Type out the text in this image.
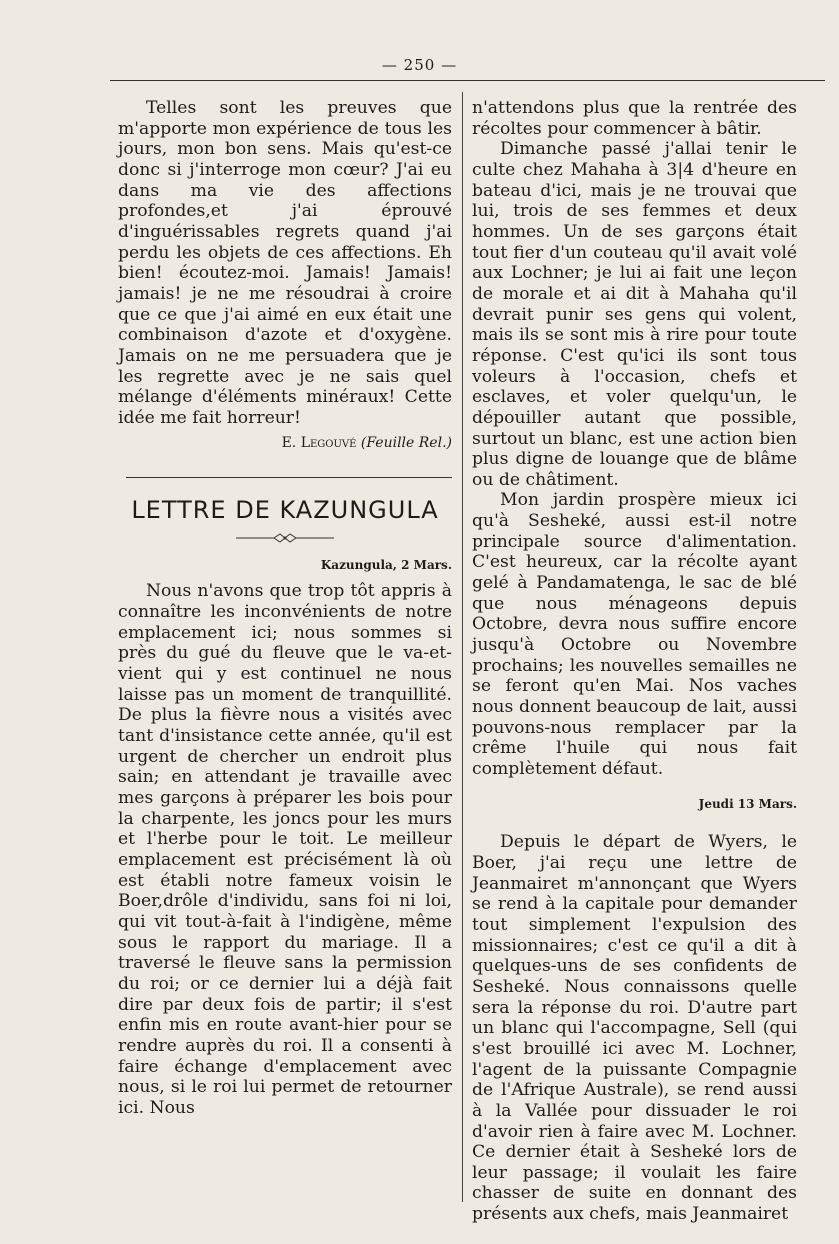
— 250 —

Telles sont les preuves que m'apporte mon expérience de tous les jours, mon bon sens. Mais qu'est-ce donc si j'interroge mon cœur? J'ai eu dans ma vie des affections profondes,et j'ai éprouvé d'inguérissables regrets quand j'ai perdu les objets de ces affections. Eh bien! écoutez-moi. Jamais! Jamais! jamais! je ne me résoudrai à croire que ce que j'ai aimé en eux était une combinaison d'azote et d'oxygène. Jamais on ne me persuadera que je les regrette avec je ne sais quel mélange d'éléments minéraux! Cette idée me fait horreur!

E. Legouvé (Feuille Rel.)

LETTRE DE KAZUNGULA

Kazungula, 2 Mars.

Nous n'avons que trop tôt appris à connaître les inconvénients de notre emplacement ici; nous sommes si près du gué du fleuve que le va-et-vient qui y est continuel ne nous laisse pas un moment de tranquillité. De plus la fièvre nous a visités avec tant d'insistance cette année, qu'il est urgent de chercher un endroit plus sain; en attendant je travaille avec mes garçons à préparer les bois pour la charpente, les joncs pour les murs et l'herbe pour le toit. Le meilleur emplacement est précisément là où est établi notre fameux voisin le Boer,drôle d'individu, sans foi ni loi, qui vit tout-à-fait à l'indigène, même sous le rapport du mariage. Il a traversé le fleuve sans la permission du roi; or ce dernier lui a déjà fait dire par deux fois de partir; il s'est enfin mis en route avant-hier pour se rendre auprès du roi. Il a consenti à faire échange d'emplacement avec nous, si le roi lui permet de retourner ici. Nous

n'attendons plus que la rentrée des récoltes pour commencer à bâtir.

Dimanche passé j'allai tenir le culte chez Mahaha à 3|4 d'heure en bateau d'ici, mais je ne trouvai que lui, trois de ses femmes et deux hommes. Un de ses garçons était tout fier d'un couteau qu'il avait volé aux Lochner; je lui ai fait une leçon de morale et ai dit à Mahaha qu'il devrait punir ses gens qui volent, mais ils se sont mis à rire pour toute réponse. C'est qu'ici ils sont tous voleurs à l'occasion, chefs et esclaves, et voler quelqu'un, le dépouiller autant que possible, surtout un blanc, est une action bien plus digne de louange que de blâme ou de châtiment.

Mon jardin prospère mieux ici qu'à Sesheké, aussi est-il notre principale source d'alimentation. C'est heureux, car la récolte ayant gelé à Pandamatenga, le sac de blé que nous ménageons depuis Octobre, devra nous suffire encore jusqu'à Octobre ou Novembre prochains; les nouvelles semailles ne se feront qu'en Mai. Nos vaches nous donnent beaucoup de lait, aussi pouvons-nous remplacer par la crême l'huile qui nous fait complètement défaut.

Jeudi 13 Mars.

Depuis le départ de Wyers, le Boer, j'ai reçu une lettre de Jeanmairet m'annonçant que Wyers se rend à la capitale pour demander tout simplement l'expulsion des missionnaires; c'est ce qu'il a dit à quelques-uns de ses confidents de Sesheké. Nous connaissons quelle sera la réponse du roi. D'autre part un blanc qui l'accompagne, Sell (qui s'est brouillé ici avec M. Lochner, l'agent de la puissante Compagnie de l'Afrique Australe), se rend aussi à la Vallée pour dissuader le roi d'avoir rien à faire avec M. Lochner. Ce dernier était à Sesheké lors de leur passage; il voulait les faire chasser de suite en donnant des présents aux chefs, mais Jeanmairet
